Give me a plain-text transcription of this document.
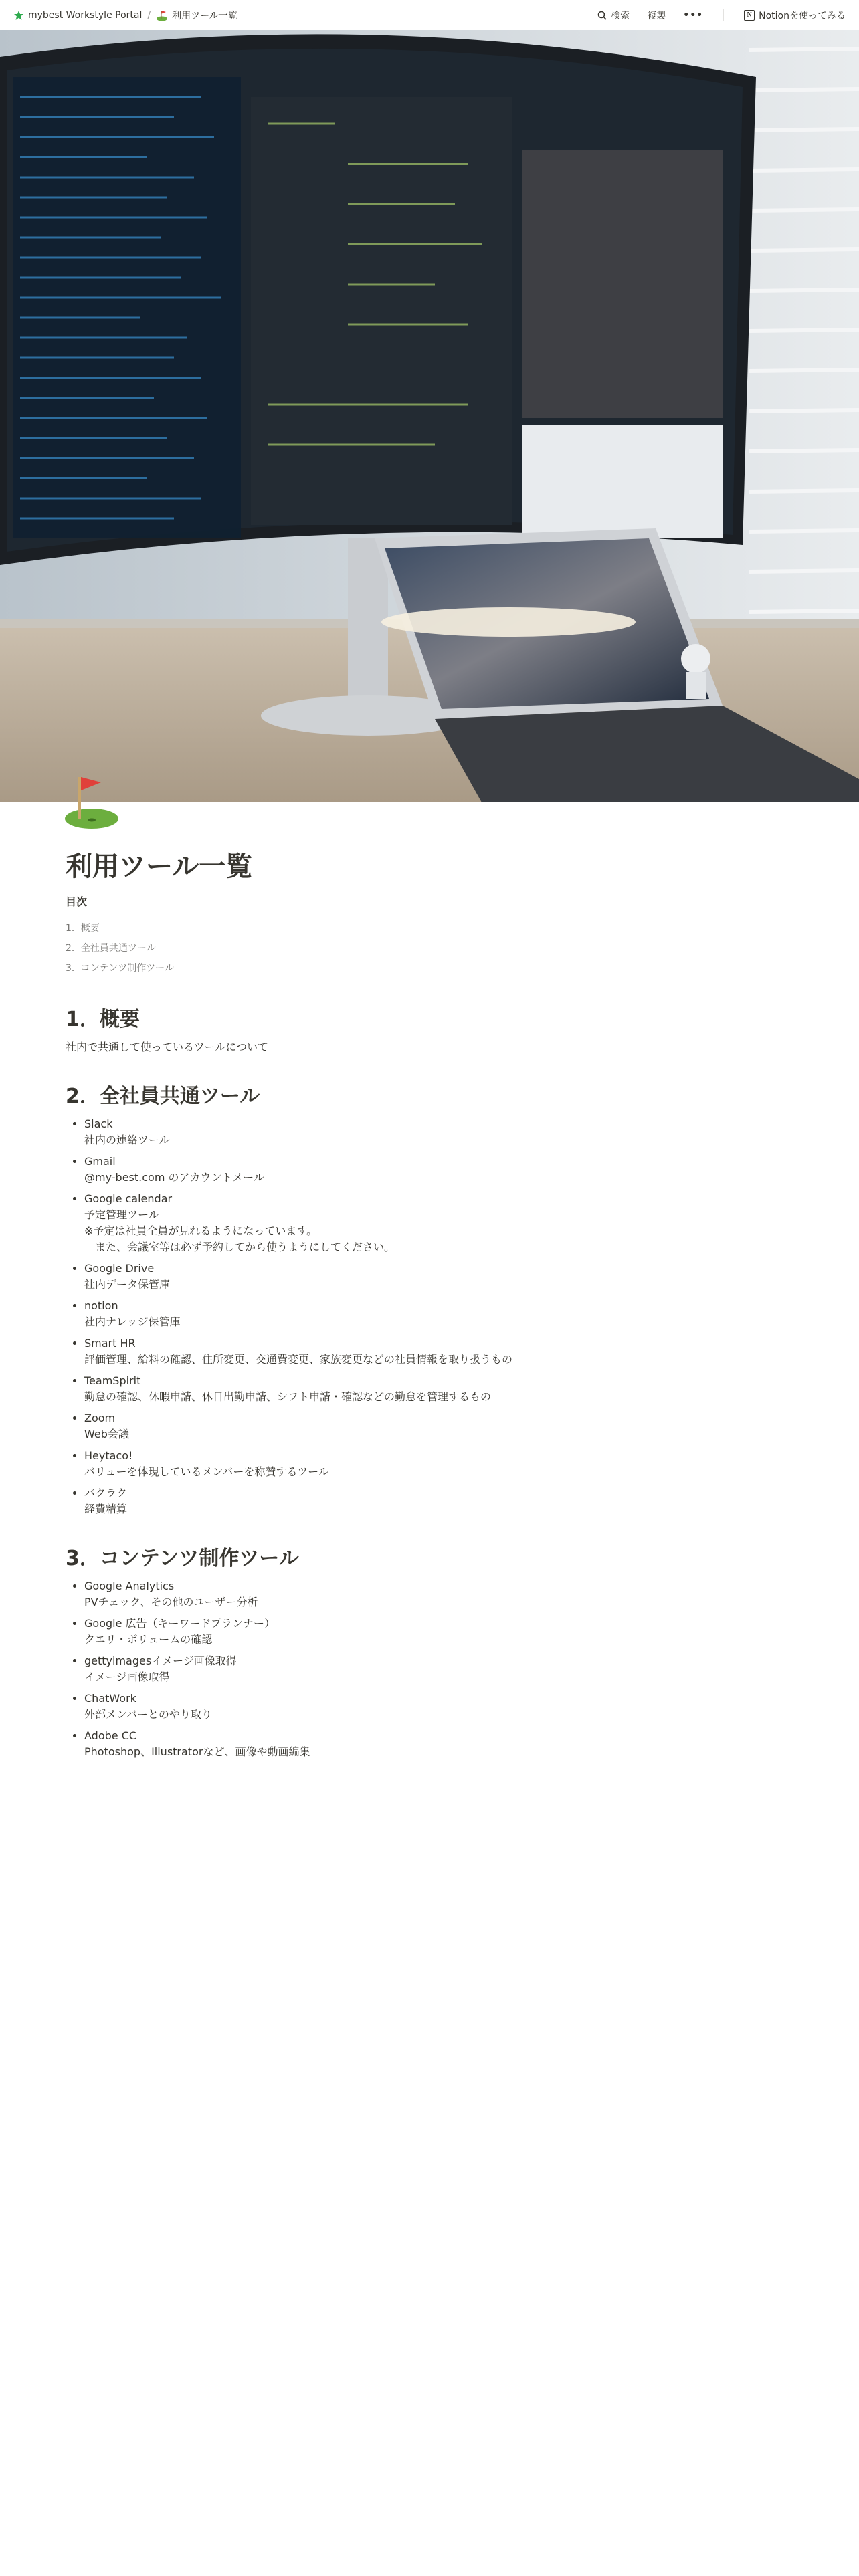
mybest Workstyle Portal / 利用ツール一覧	検索 複製 •••	N Notionを使ってみる
利用ツール一覧
目次
1．概要
2．全社員共通ツール
3．コンテンツ制作ツール
1．概要
社内で共通して使っているツールについて
2．全社員共通ツール
• Slack
社内の連絡ツール
• Gmail
@my-best.com のアカウントメール
• Google calendar
予定管理ツール
※予定は社員全員が見れるようになっています。
　また、会議室等は必ず予約してから使うようにしてください。
• Google Drive
社内データ保管庫
• notion
社内ナレッジ保管庫
• Smart HR
評価管理、給料の確認、住所変更、交通費変更、家族変更などの社員情報を取り扱うもの
• TeamSpirit
勤怠の確認、休暇申請、休日出勤申請、シフト申請・確認などの勤怠を管理するもの
• Zoom
Web会議
• Heytaco!
バリューを体現しているメンバーを称賛するツール
• バクラク
経費精算
3．コンテンツ制作ツール
• Google Analytics
PVチェック、その他のユーザー分析
• Google 広告（キーワードプランナー）
クエリ・ボリュームの確認
• gettyimagesイメージ画像取得
イメージ画像取得
• ChatWork
外部メンバーとのやり取り
• Adobe CC
Photoshop、Illustratorなど、画像や動画編集
